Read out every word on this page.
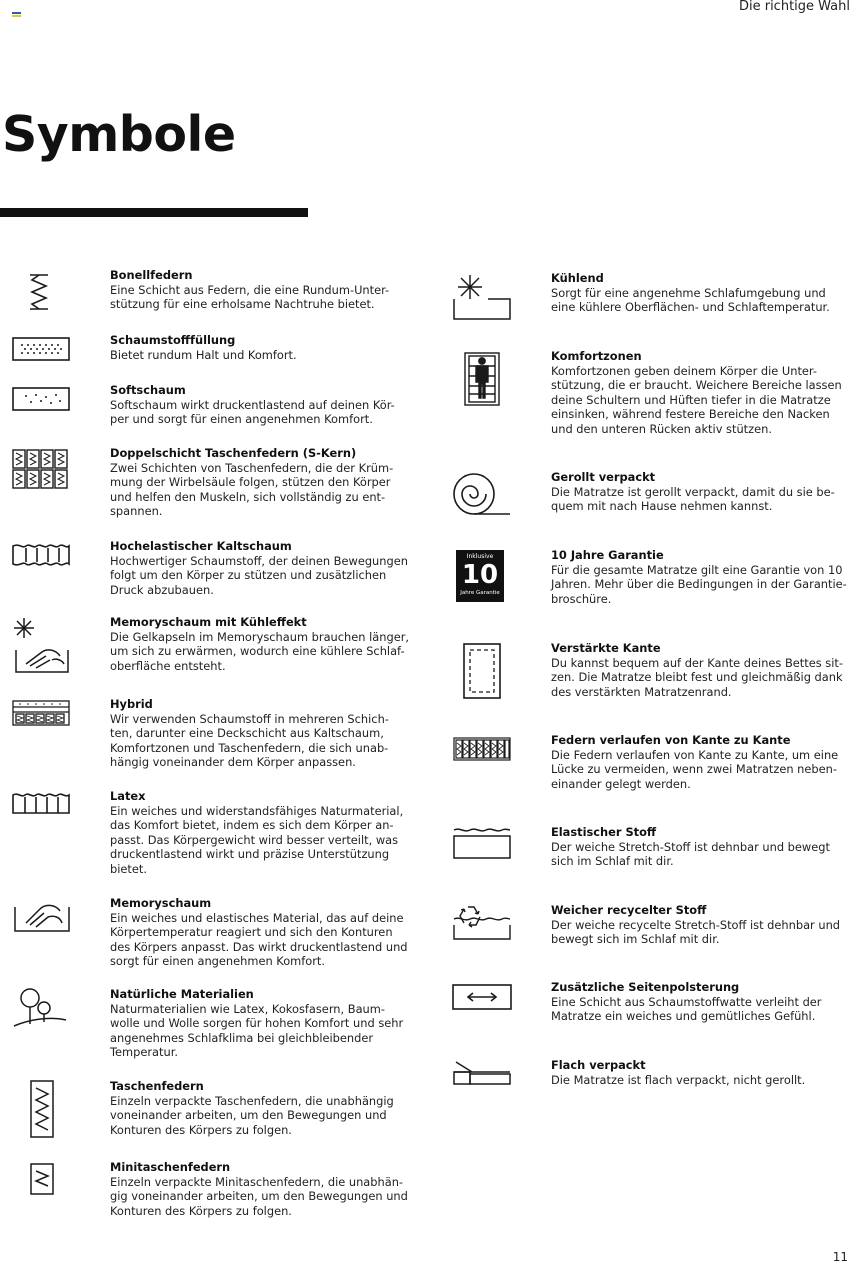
Die richtige Wahl
Symbole
Bonellfedern
Eine Schicht aus Federn, die eine Rundum-Unter-stützung für eine erholsame Nachtruhe bietet.
Schaumstofffüllung
Bietet rundum Halt und Komfort.
Softschaum
Softschaum wirkt druckentlastend auf deinen Kör-per und sorgt für einen angenehmen Komfort.
Doppelschicht Taschenfedern (S-Kern)
Zwei Schichten von Taschenfedern, die der Krüm-mung der Wirbelsäule folgen, stützen den Körper und helfen den Muskeln, sich vollständig zu ent-spannen.
Hochelastischer Kaltschaum
Hochwertiger Schaumstoff, der deinen Bewegungen folgt um den Körper zu stützen und zusätzlichen Druck abzubauen.
Memoryschaum mit Kühleffekt
Die Gelkapseln im Memoryschaum brauchen länger, um sich zu erwärmen, wodurch eine kühlere Schlaf-oberfläche entsteht.
Hybrid
Wir verwenden Schaumstoff in mehreren Schich-ten, darunter eine Deckschicht aus Kaltschaum, Komfortzonen und Taschenfedern, die sich unab-hängig voneinander dem Körper anpassen.
Latex
Ein weiches und widerstandsfähiges Naturmaterial, das Komfort bietet, indem es sich dem Körper an-passt. Das Körpergewicht wird besser verteilt, was druckentlastend wirkt und präzise Unterstützung bietet.
Memoryschaum
Ein weiches und elastisches Material, das auf deine Körpertemperatur reagiert und sich den Konturen des Körpers anpasst. Das wirkt druckentlastend und sorgt für einen angenehmen Komfort.
Natürliche Materialien
Naturmaterialien wie Latex, Kokosfasern, Baum-wolle und Wolle sorgen für hohen Komfort und sehr angenehmes Schlafklima bei gleichbleibender Temperatur.
Taschenfedern
Einzeln verpackte Taschenfedern, die unabhängig voneinander arbeiten, um den Bewegungen und Konturen des Körpers zu folgen.
Minitaschenfedern
Einzeln verpackte Minitaschenfedern, die unabhän-gig voneinander arbeiten, um den Bewegungen und Konturen des Körpers zu folgen.
Kühlend
Sorgt für eine angenehme Schlafumgebung und eine kühlere Oberflächen- und Schlaftemperatur.
Komfortzonen
Komfortzonen geben deinem Körper die Unter-stützung, die er braucht. Weichere Bereiche lassen deine Schultern und Hüften tiefer in die Matratze einsinken, während festere Bereiche den Nacken und den unteren Rücken aktiv stützen.
Gerollt verpackt
Die Matratze ist gerollt verpackt, damit du sie be-quem mit nach Hause nehmen kannst.
Inklusive
10
Jahre Garantie
10 Jahre Garantie
Für die gesamte Matratze gilt eine Garantie von 10 Jahren. Mehr über die Bedingungen in der Garantie-broschüre.
Verstärkte Kante
Du kannst bequem auf der Kante deines Bettes sit-zen. Die Matratze bleibt fest und gleichmäßig dank des verstärkten Matratzenrand.
Federn verlaufen von Kante zu Kante
Die Federn verlaufen von Kante zu Kante, um eine Lücke zu vermeiden, wenn zwei Matratzen neben-einander gelegt werden.
Elastischer Stoff
Der weiche Stretch-Stoff ist dehnbar und bewegt sich im Schlaf mit dir.
Weicher recycelter Stoff
Der weiche recycelte Stretch-Stoff ist dehnbar und bewegt sich im Schlaf mit dir.
Zusätzliche Seitenpolsterung
Eine Schicht aus Schaumstoffwatte verleiht der Matratze ein weiches und gemütliches Gefühl.
Flach verpackt
Die Matratze ist flach verpackt, nicht gerollt.
11
